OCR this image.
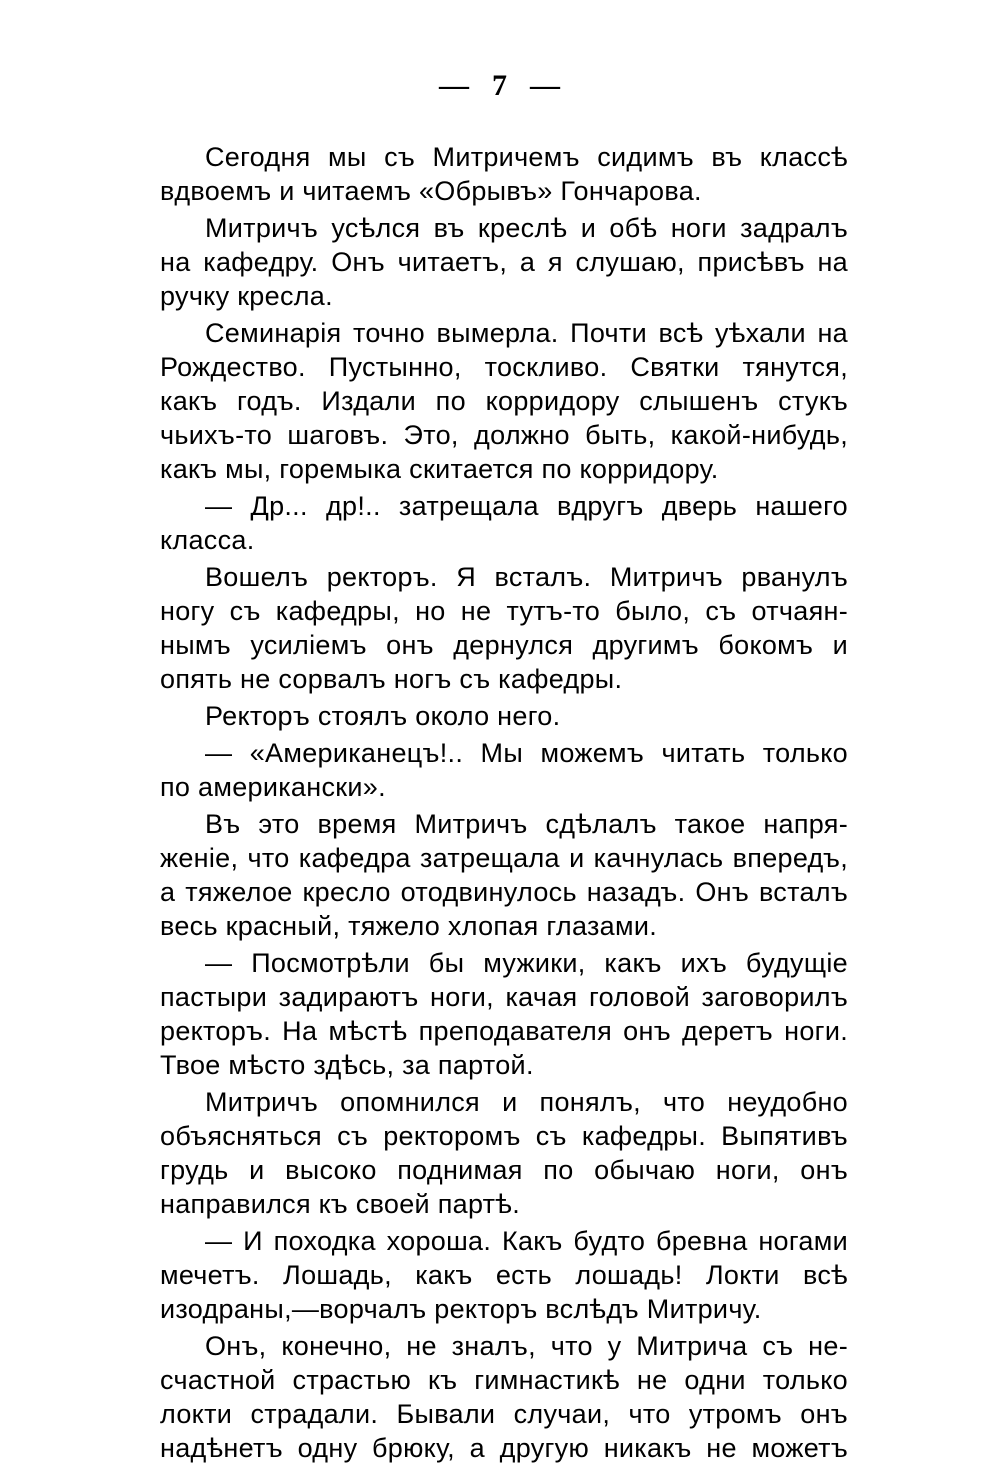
— 7 —
Сегодня мы съ Митричемъ сидимъ въ классѣ
вдвоемъ и читаемъ «Обрывъ» Гончарова.
Митричъ усѣлся въ креслѣ и обѣ ноги задралъ
на кафедру. Онъ читаетъ, а я слушаю, присѣвъ на
ручку кресла.
Семинарія точно вымерла. Почти всѣ уѣхали на
Рождество. Пустынно, тоскливо. Святки тянутся,
какъ годъ. Издали по корридору слышенъ стукъ
чьихъ-то шаговъ. Это, должно быть, какой-нибудь,
какъ мы, горемыка скитается по корридору.
— Др... др!.. затрещала вдругъ дверь нашего
класса.
Вошелъ ректоръ. Я всталъ. Митричъ рванулъ
ногу съ кафедры, но не тутъ-то было, съ отчаян-
нымъ усиліемъ онъ дернулся другимъ бокомъ и
опять не сорвалъ ногъ съ кафедры.
Ректоръ стоялъ около него.
— «Американецъ!.. Мы можемъ читать только
по американски».
Въ это время Митричъ сдѣлалъ такое напря-
женіе, что кафедра затрещала и качнулась впередъ,
а тяжелое кресло отодвинулось назадъ. Онъ всталъ
весь красный, тяжело хлопая глазами.
— Посмотрѣли бы мужики, какъ ихъ будущіе
пастыри задираютъ ноги, качая головой заговорилъ
ректоръ. На мѣстѣ преподавателя онъ деретъ ноги.
Твое мѣсто здѣсь, за партой.
Митричъ опомнился и понялъ, что неудобно
объясняться съ ректоромъ съ кафедры. Выпятивъ
грудь и высоко поднимая по обычаю ноги, онъ
направился къ своей партѣ.
— И походка хороша. Какъ будто бревна ногами
мечетъ. Лошадь, какъ есть лошадь! Локти всѣ
изодраны,—ворчалъ ректоръ вслѣдъ Митричу.
Онъ, конечно, не зналъ, что у Митрича съ не-
счастной страстью къ гимнастикѣ не одни только
локти страдали. Бывали случаи, что утромъ онъ
надѣнетъ одну брюку, а другую никакъ не можетъ
